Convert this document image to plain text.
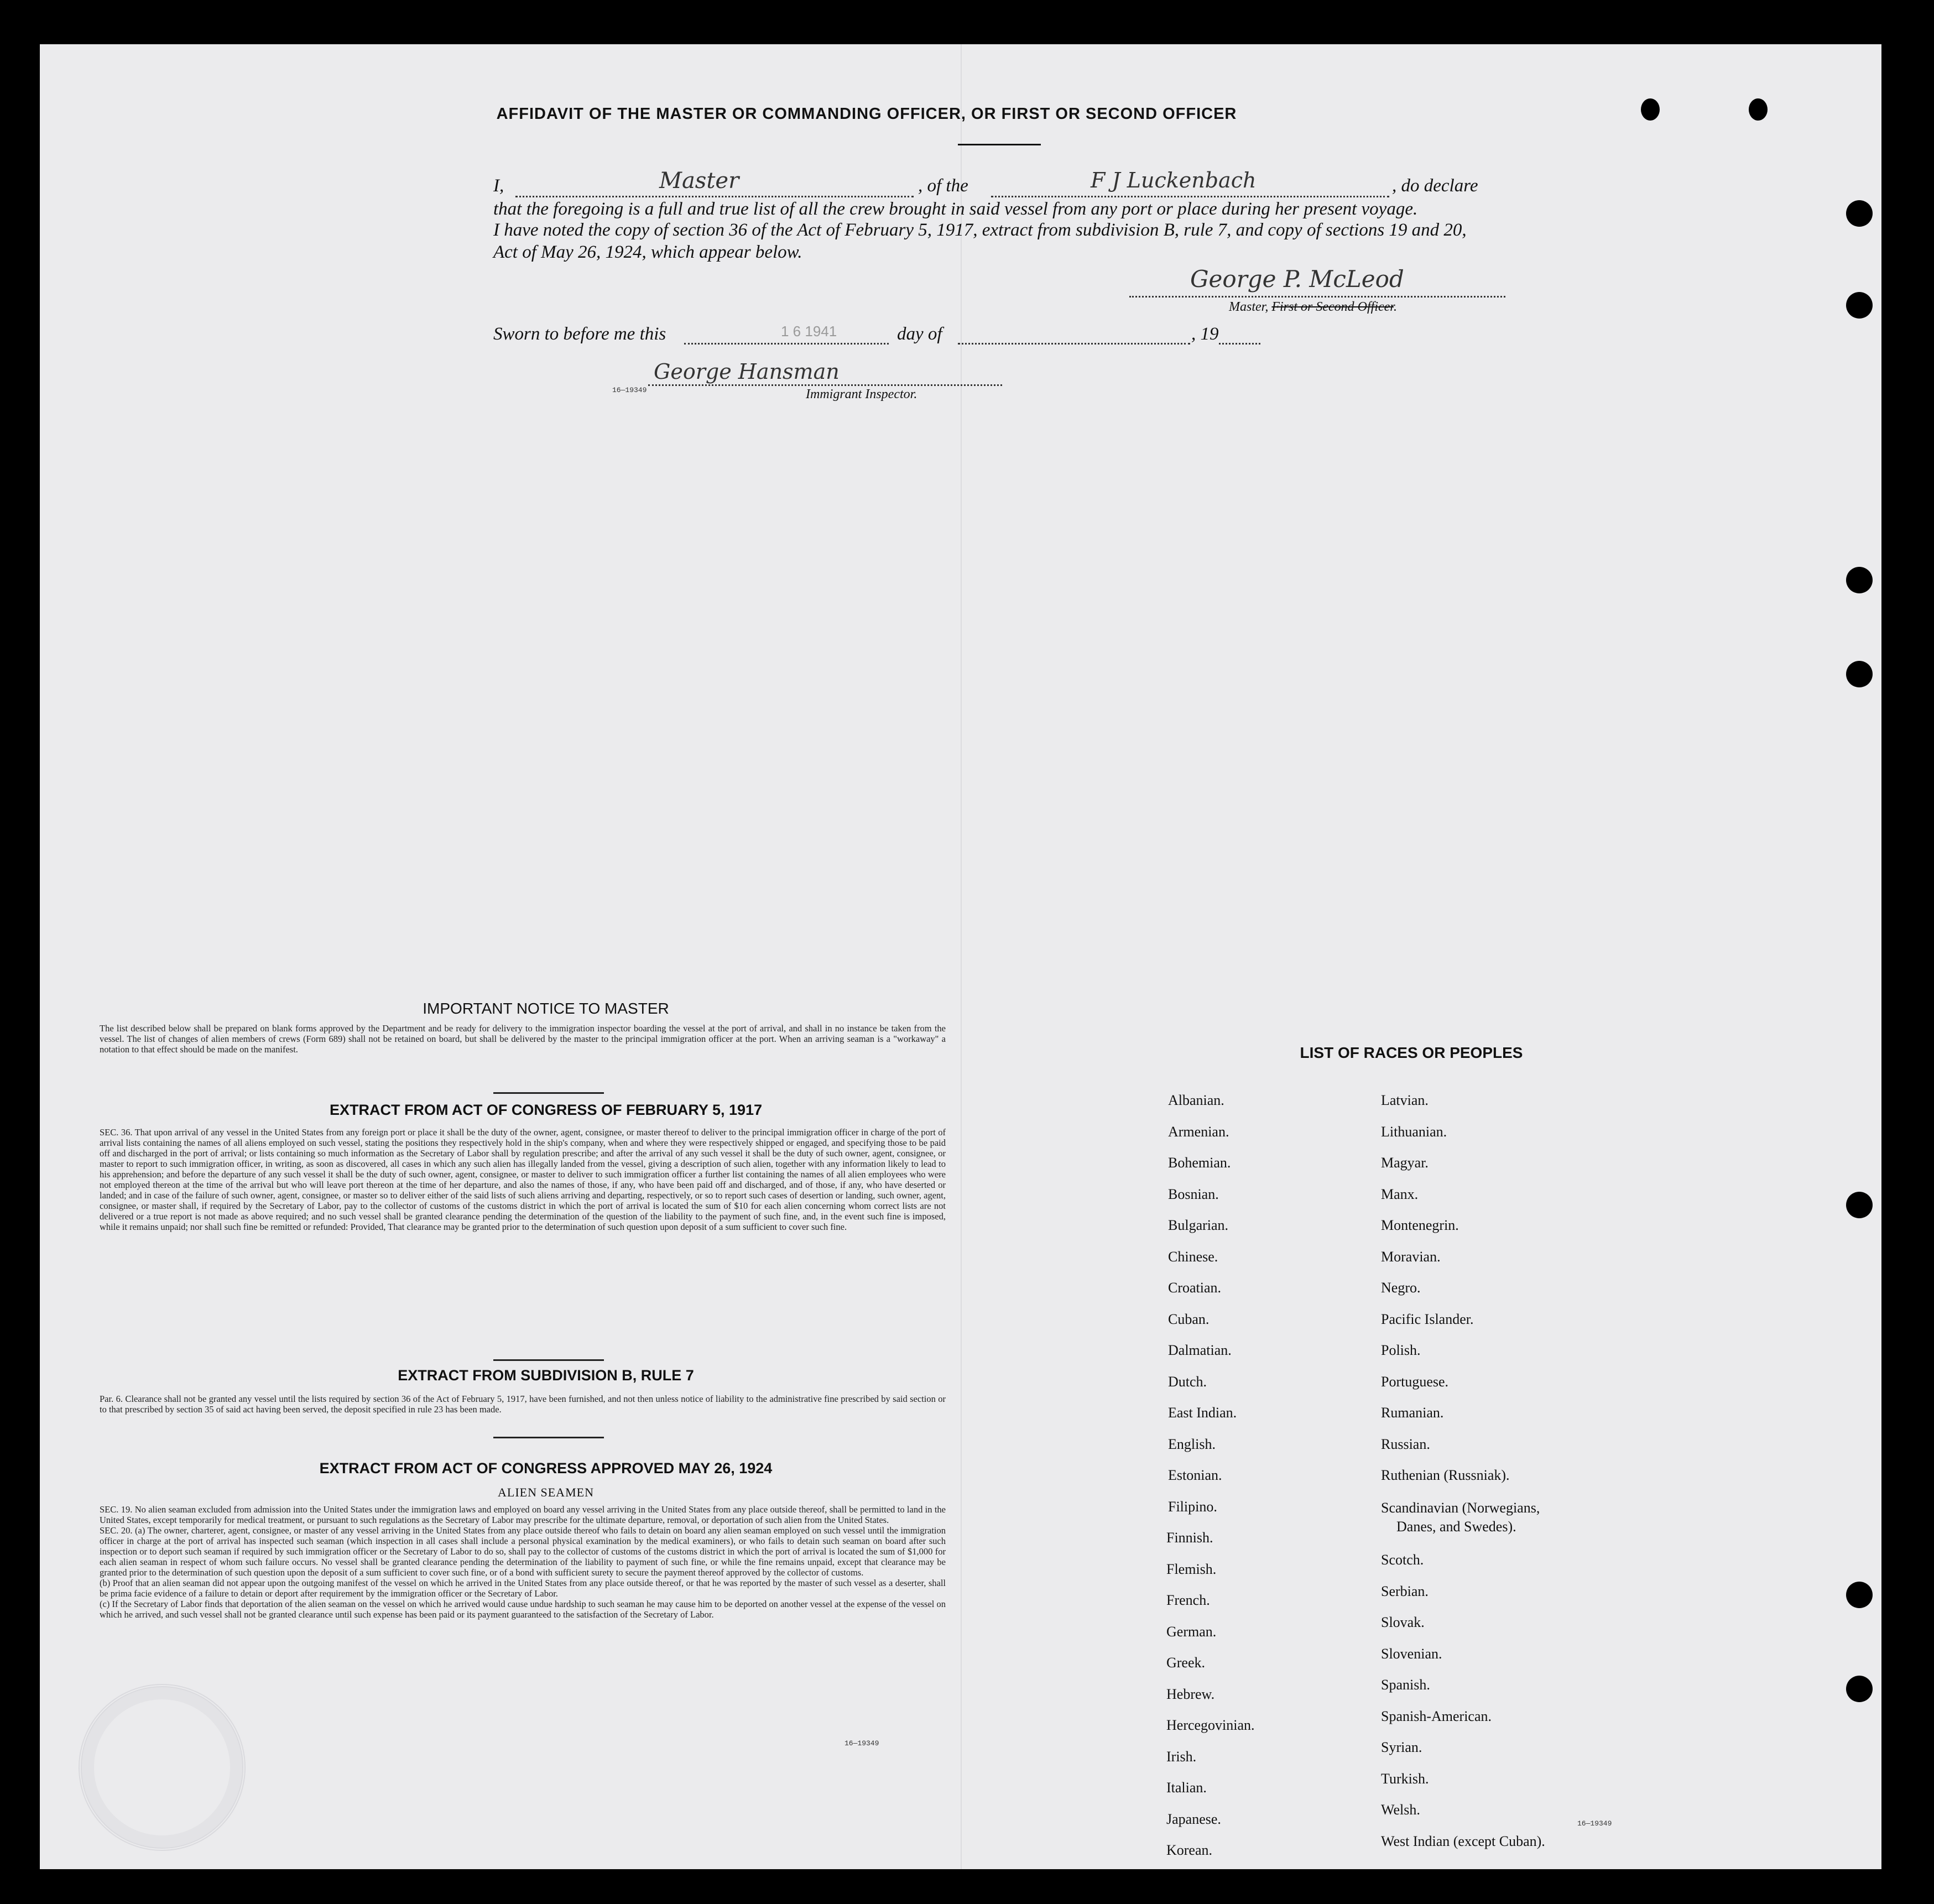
AFFIDAVIT OF THE MASTER OR COMMANDING OFFICER, OR FIRST OR SECOND OFFICER
I,	Master	, of the	F J Luckenbach	, do declare
that the foregoing is a full and true list of all the crew brought in said vessel from any port or place during her present voyage.
I have noted the copy of section 36 of the Act of February 5, 1917, extract from subdivision B, rule 7, and copy of sections 19 and 20,
Act of May 26, 1924, which appear below.
George P. McLeod
Master, First or Second Officer.
Sworn to before me this	1 6 1941	day of	, 19
George Hansman
16—19349	Immigrant Inspector.
IMPORTANT NOTICE TO MASTER
The list described below shall be prepared on blank forms approved by the Department and be ready for delivery to the immigration inspector boarding the vessel at the port of arrival, and shall in no instance be taken from the vessel. The list of changes of alien members of crews (Form 689) shall not be retained on board, but shall be delivered by the master to the principal immigration officer at the port. When an arriving seaman is a "workaway" a notation to that effect should be made on the manifest.
EXTRACT FROM ACT OF CONGRESS OF FEBRUARY 5, 1917
SEC. 36. That upon arrival of any vessel in the United States from any foreign port or place it shall be the duty of the owner, agent, consignee, or master thereof to deliver to the principal immigration officer in charge of the port of arrival lists containing the names of all aliens employed on such vessel, stating the positions they respectively hold in the ship's company, when and where they were respectively shipped or engaged, and specifying those to be paid off and discharged in the port of arrival; or lists containing so much information as the Secretary of Labor shall by regulation prescribe; and after the arrival of any such vessel it shall be the duty of such owner, agent, consignee, or master to report to such immigration officer, in writing, as soon as discovered, all cases in which any such alien has illegally landed from the vessel, giving a description of such alien, together with any information likely to lead to his apprehension; and before the departure of any such vessel it shall be the duty of such owner, agent, consignee, or master to deliver to such immigration officer a further list containing the names of all alien employees who were not employed thereon at the time of the arrival but who will leave port thereon at the time of her departure, and also the names of those, if any, who have been paid off and discharged, and of those, if any, who have deserted or landed; and in case of the failure of such owner, agent, consignee, or master so to deliver either of the said lists of such aliens arriving and departing, respectively, or so to report such cases of desertion or landing, such owner, agent, consignee, or master shall, if required by the Secretary of Labor, pay to the collector of customs of the customs district in which the port of arrival is located the sum of $10 for each alien concerning whom correct lists are not delivered or a true report is not made as above required; and no such vessel shall be granted clearance pending the determination of the question of the liability to the payment of such fine, and, in the event such fine is imposed, while it remains unpaid; nor shall such fine be remitted or refunded: Provided, That clearance may be granted prior to the determination of such question upon deposit of a sum sufficient to cover such fine.
EXTRACT FROM SUBDIVISION B, RULE 7
Par. 6. Clearance shall not be granted any vessel until the lists required by section 36 of the Act of February 5, 1917, have been furnished, and not then unless notice of liability to the administrative fine prescribed by said section or to that prescribed by section 35 of said act having been served, the deposit specified in rule 23 has been made.
EXTRACT FROM ACT OF CONGRESS APPROVED MAY 26, 1924
ALIEN SEAMEN
SEC. 19. No alien seaman excluded from admission into the United States under the immigration laws and employed on board any vessel arriving in the United States from any place outside thereof, shall be permitted to land in the United States, except temporarily for medical treatment, or pursuant to such regulations as the Secretary of Labor may prescribe for the ultimate departure, removal, or deportation of such alien from the United States.
SEC. 20. (a) The owner, charterer, agent, consignee, or master of any vessel arriving in the United States from any place outside thereof who fails to detain on board any alien seaman employed on such vessel until the immigration officer in charge at the port of arrival has inspected such seaman (which inspection in all cases shall include a personal physical examination by the medical examiners), or who fails to detain such seaman on board after such inspection or to deport such seaman if required by such immigration officer or the Secretary of Labor to do so, shall pay to the collector of customs of the customs district in which the port of arrival is located the sum of $1,000 for each alien seaman in respect of whom such failure occurs. No vessel shall be granted clearance pending the determination of the liability to payment of such fine, or while the fine remains unpaid, except that clearance may be granted prior to the determination of such question upon the deposit of a sum sufficient to cover such fine, or of a bond with sufficient surety to secure the payment thereof approved by the collector of customs.
(b) Proof that an alien seaman did not appear upon the outgoing manifest of the vessel on which he arrived in the United States from any place outside thereof, or that he was reported by the master of such vessel as a deserter, shall be prima facie evidence of a failure to detain or deport after requirement by the immigration officer or the Secretary of Labor.
(c) If the Secretary of Labor finds that deportation of the alien seaman on the vessel on which he arrived would cause undue hardship to such seaman he may cause him to be deported on another vessel at the expense of the vessel on which he arrived, and such vessel shall not be granted clearance until such expense has been paid or its payment guaranteed to the satisfaction of the Secretary of Labor.
16—19349
LIST OF RACES OR PEOPLES
Albanian.
Armenian.
Bohemian.
Bosnian.
Bulgarian.
Chinese.
Croatian.
Cuban.
Dalmatian.
Dutch.
East Indian.
English.
Estonian.
Filipino.
Finnish.
Flemish.
French.
German.
Greek.
Hebrew.
Hercegovinian.
Irish.
Italian.
Japanese.
Korean.
Latvian.
Lithuanian.
Magyar.
Manx.
Montenegrin.
Moravian.
Negro.
Pacific Islander.
Polish.
Portuguese.
Rumanian.
Russian.
Ruthenian (Russniak).
Scandinavian (Norwegians,
Danes, and Swedes).
Scotch.
Serbian.
Slovak.
Slovenian.
Spanish.
Spanish-American.
Syrian.
Turkish.
Welsh.
West Indian (except Cuban).
16—19349
